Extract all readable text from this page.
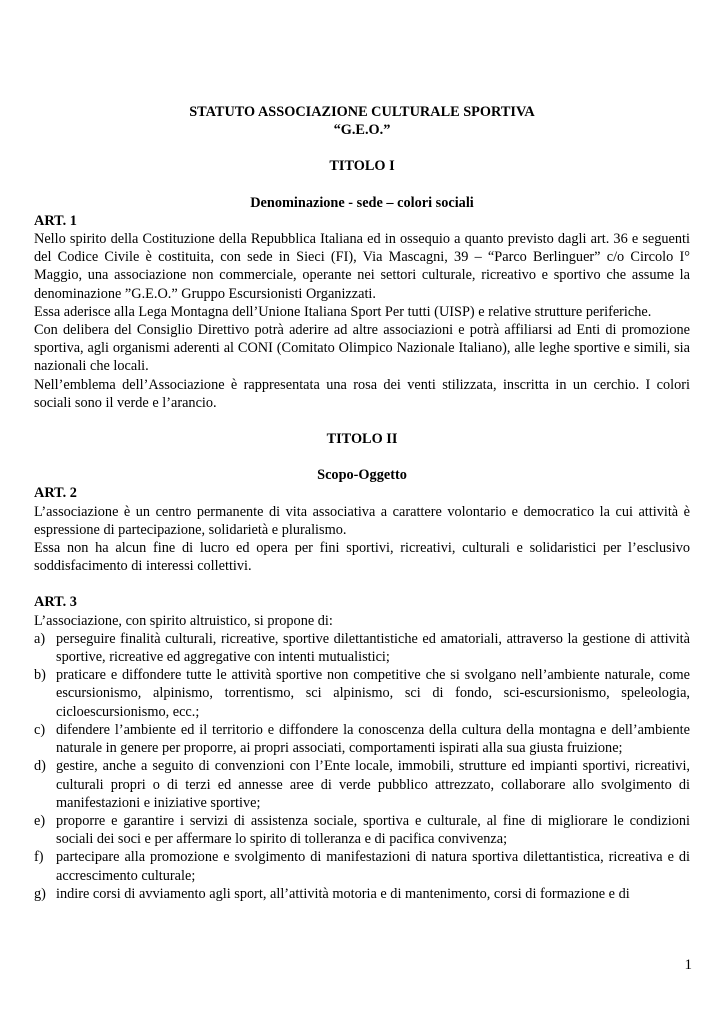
STATUTO ASSOCIAZIONE CULTURALE SPORTIVA
“G.E.O.”
TITOLO I
Denominazione - sede – colori sociali

ART. 1

Nello spirito della Costituzione della Repubblica Italiana ed in ossequio a quanto previsto dagli art. 36 e seguenti del Codice Civile è costituita, con sede in Sieci (FI), Via Mascagni, 39 – “Parco Berlinguer” c/o Circolo I° Maggio, una associazione non commerciale, operante nei settori culturale, ricreativo e sportivo che assume la denominazione ”G.E.O.” Gruppo Escursionisti Organizzati.

Essa aderisce alla Lega Montagna dell’Unione Italiana Sport Per tutti (UISP) e relative strutture periferiche.

Con delibera del Consiglio Direttivo potrà aderire ad altre associazioni e potrà affiliarsi ad Enti di promozione sportiva, agli organismi aderenti al CONI (Comitato Olimpico Nazionale Italiano), alle leghe sportive e simili, sia nazionali che locali.

Nell’emblema dell’Associazione è rappresentata una rosa dei venti stilizzata, inscritta in un cerchio. I colori sociali sono il verde e l’arancio.

TITOLO II
Scopo-Oggetto

ART. 2

L’associazione è un centro permanente di vita associativa a carattere volontario e democratico la cui attività è espressione di partecipazione, solidarietà e pluralismo.

Essa non ha alcun fine di lucro ed opera per fini sportivi, ricreativi, culturali e solidaristici per l’esclusivo soddisfacimento di interessi collettivi.

ART. 3

L’associazione, con spirito altruistico, si propone di:

a) perseguire finalità culturali, ricreative, sportive dilettantistiche ed amatoriali, attraverso la gestione di attività sportive, ricreative ed aggregative con intenti mutualistici;
b) praticare e diffondere tutte le attività sportive non competitive che si svolgano nell’ambiente naturale, come escursionismo, alpinismo, torrentismo, sci alpinismo, sci di fondo, sci-escursionismo, speleologia, cicloescursionismo, ecc.;
c) difendere l’ambiente ed il territorio e diffondere la conoscenza della cultura della montagna e dell’ambiente naturale in genere per proporre, ai propri associati, comportamenti ispirati alla sua giusta fruizione;
d) gestire, anche a seguito di convenzioni con l’Ente locale, immobili, strutture ed impianti sportivi, ricreativi, culturali propri o di terzi ed annesse aree di verde pubblico attrezzato, collaborare allo svolgimento di manifestazioni e iniziative sportive;
e) proporre e garantire i servizi di assistenza sociale, sportiva e culturale, al fine di migliorare le condizioni sociali dei soci e per affermare lo spirito di tolleranza e di pacifica convivenza;
f) partecipare alla promozione e svolgimento di manifestazioni di natura sportiva dilettantistica, ricreativa e di accrescimento culturale;
g) indire corsi di avviamento agli sport, all’attività motoria e di mantenimento, corsi di formazione e di
1
